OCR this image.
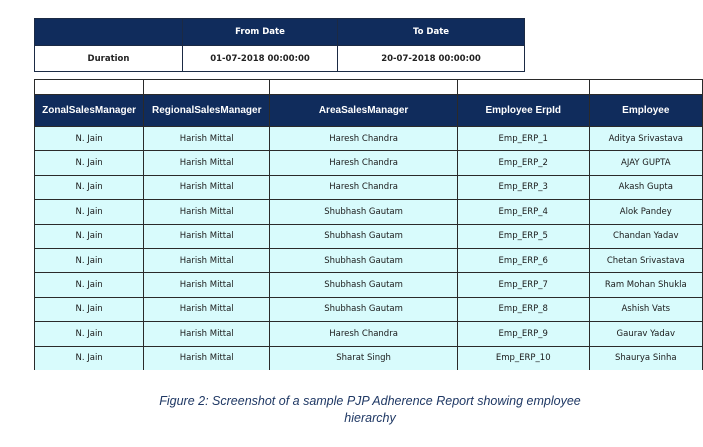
	From Date	To Date
Duration	01-07-2018 00:00:00	20-07-2018 00:00:00

ZonalSalesManager	RegionalSalesManager	AreaSalesManager	Employee ErpId	Employee
N. Jain	Harish Mittal	Haresh Chandra	Emp_ERP_1	Aditya Srivastava
N. Jain	Harish Mittal	Haresh Chandra	Emp_ERP_2	AJAY GUPTA
N. Jain	Harish Mittal	Haresh Chandra	Emp_ERP_3	Akash Gupta
N. Jain	Harish Mittal	Shubhash Gautam	Emp_ERP_4	Alok Pandey
N. Jain	Harish Mittal	Shubhash Gautam	Emp_ERP_5	Chandan Yadav
N. Jain	Harish Mittal	Shubhash Gautam	Emp_ERP_6	Chetan Srivastava
N. Jain	Harish Mittal	Shubhash Gautam	Emp_ERP_7	Ram Mohan Shukla
N. Jain	Harish Mittal	Shubhash Gautam	Emp_ERP_8	Ashish Vats
N. Jain	Harish Mittal	Haresh Chandra	Emp_ERP_9	Gaurav Yadav
N. Jain	Harish Mittal	Sharat Singh	Emp_ERP_10	Shaurya Sinha
Figure 2: Screenshot of a sample PJP Adherence Report showing employee
hierarchy
